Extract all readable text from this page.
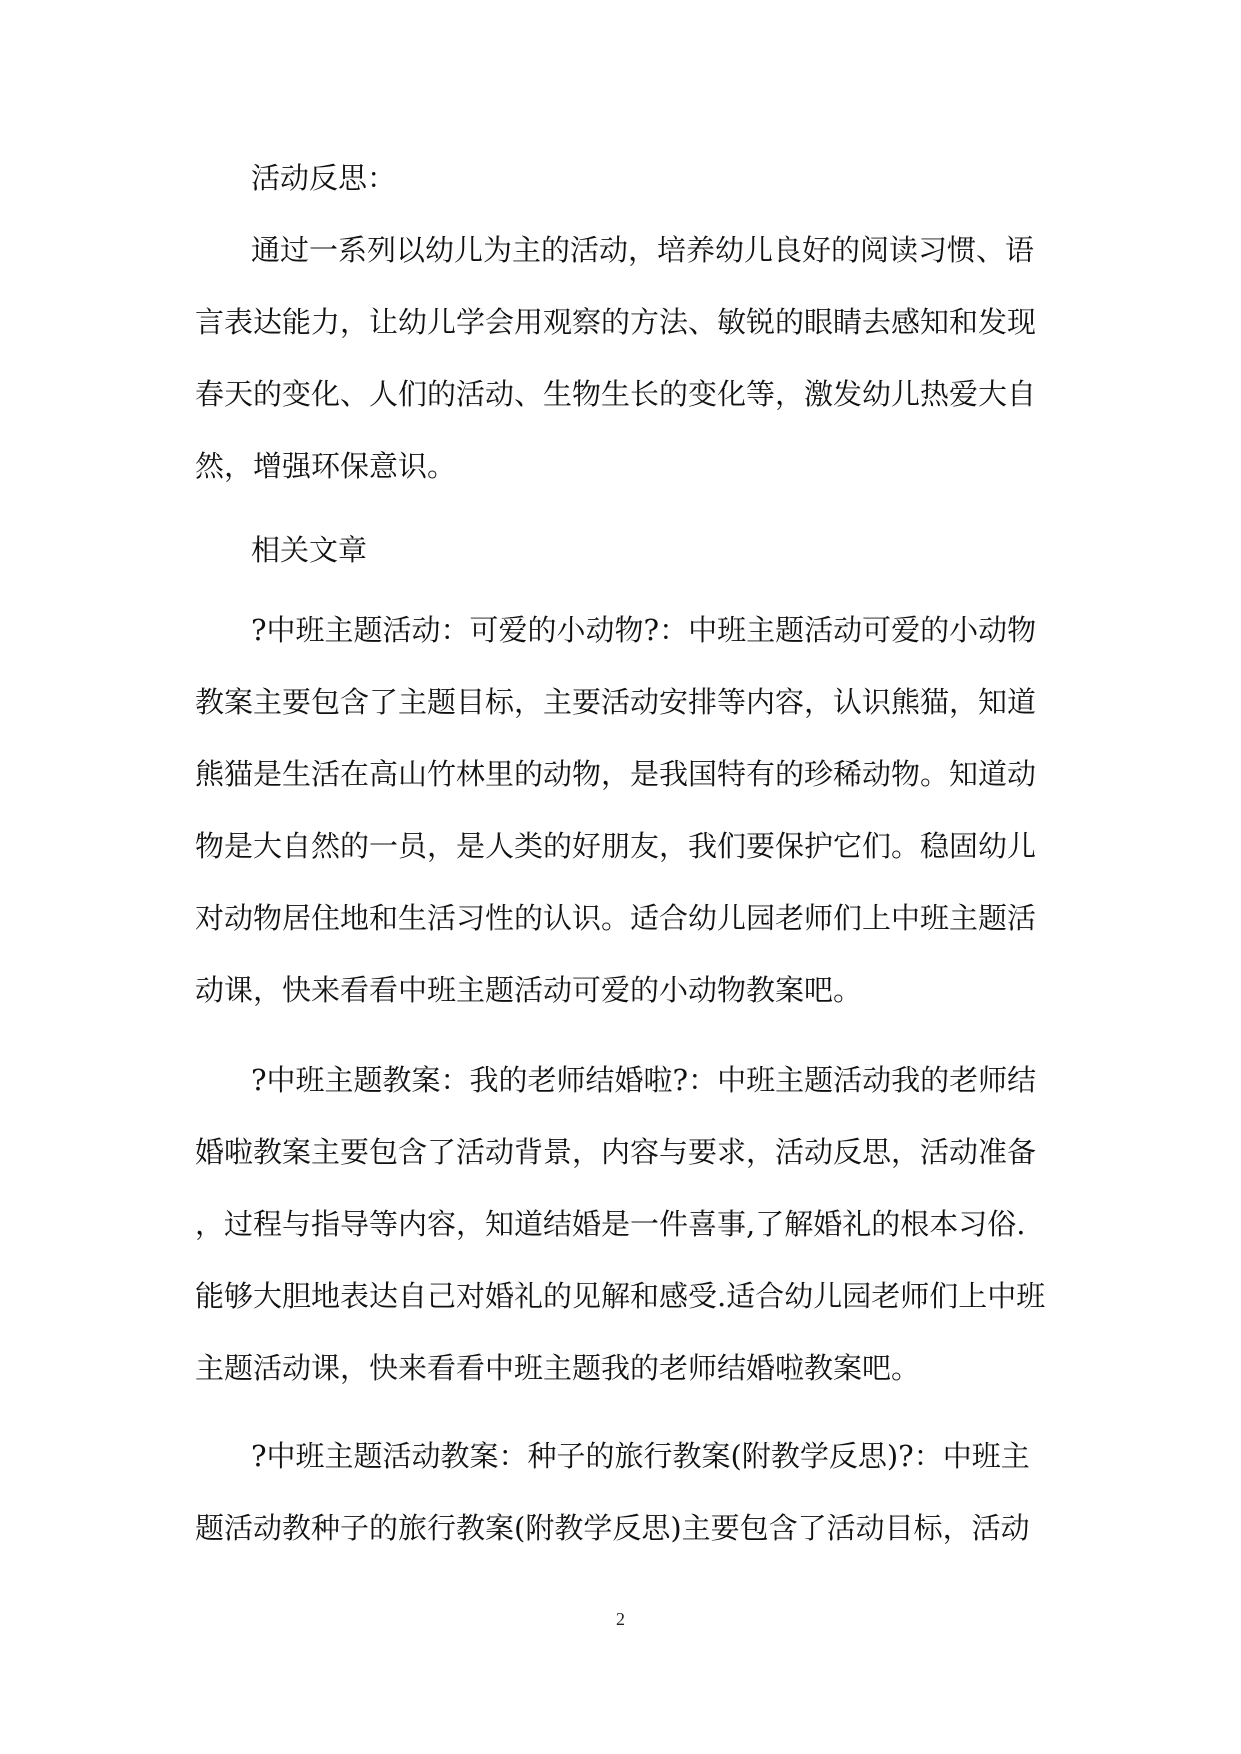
活动反思：
通过一系列以幼儿为主的活动，培养幼儿良好的阅读习惯、语
言表达能力，让幼儿学会用观察的方法、敏锐的眼睛去感知和发现
春天的变化、人们的活动、生物生长的变化等，激发幼儿热爱大自
然，增强环保意识。
相关文章
?中班主题活动：可爱的小动物?：中班主题活动可爱的小动物
教案主要包含了主题目标，主要活动安排等内容，认识熊猫，知道
熊猫是生活在高山竹林里的动物，是我国特有的珍稀动物。知道动
物是大自然的一员，是人类的好朋友，我们要保护它们。稳固幼儿
对动物居住地和生活习性的认识。适合幼儿园老师们上中班主题活
动课，快来看看中班主题活动可爱的小动物教案吧。
?中班主题教案：我的老师结婚啦?：中班主题活动我的老师结
婚啦教案主要包含了活动背景，内容与要求，活动反思，活动准备
，过程与指导等内容，知道结婚是一件喜事,了解婚礼的根本习俗.
能够大胆地表达自己对婚礼的见解和感受.适合幼儿园老师们上中班
主题活动课，快来看看中班主题我的老师结婚啦教案吧。
?中班主题活动教案：种子的旅行教案(附教学反思)?：中班主
题活动教种子的旅行教案(附教学反思)主要包含了活动目标，活动
2
